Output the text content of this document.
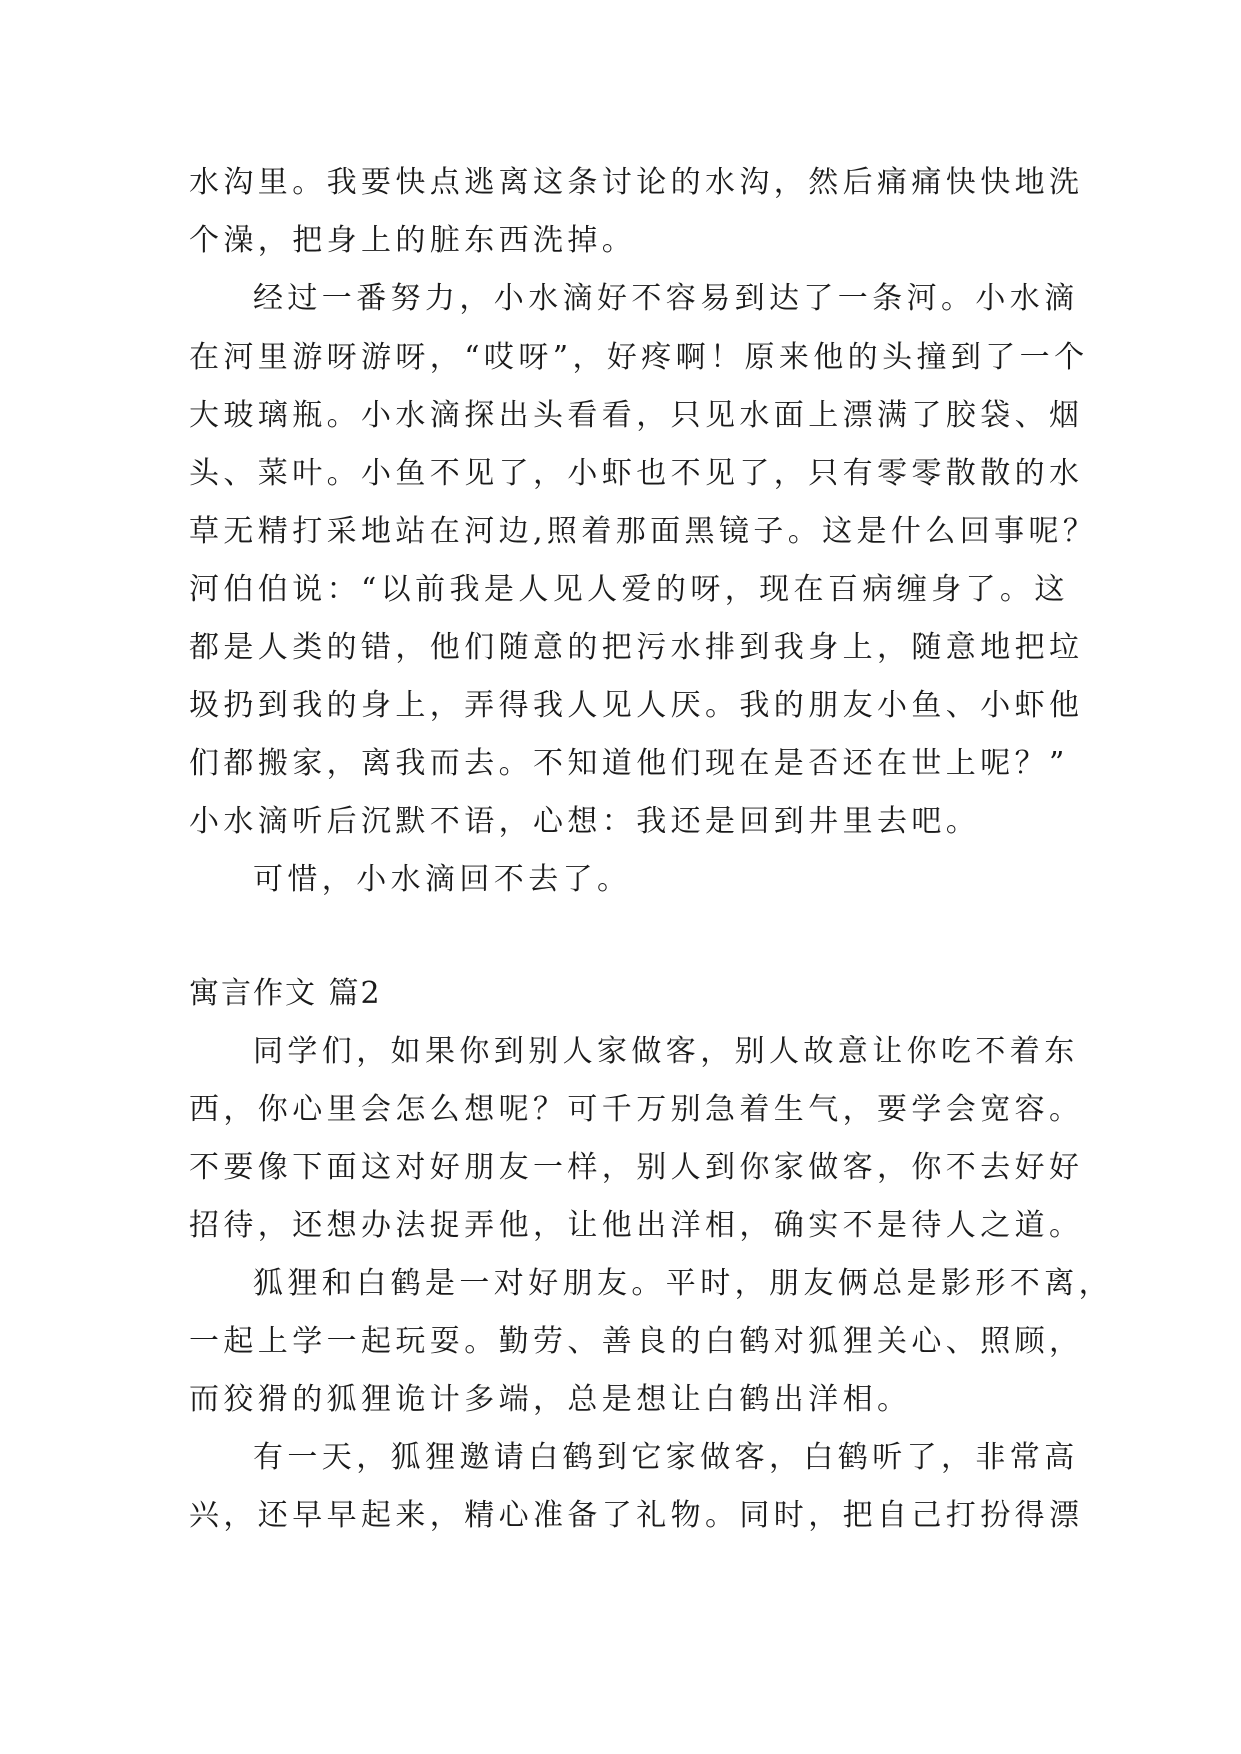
水沟里。我要快点逃离这条讨论的水沟，然后痛痛快快地洗
个澡，把身上的脏东西洗掉。
经过一番努力，小水滴好不容易到达了一条河。小水滴
在河里游呀游呀，“哎呀”，好疼啊！原来他的头撞到了一个
大玻璃瓶。小水滴探出头看看，只见水面上漂满了胶袋、烟
头、菜叶。小鱼不见了，小虾也不见了，只有零零散散的水
草无精打采地站在河边,照着那面黑镜子。这是什么回事呢？
河伯伯说：“以前我是人见人爱的呀，现在百病缠身了。这
都是人类的错，他们随意的把污水排到我身上，随意地把垃
圾扔到我的身上，弄得我人见人厌。我的朋友小鱼、小虾他
们都搬家，离我而去。不知道他们现在是否还在世上呢？”
小水滴听后沉默不语，心想：我还是回到井里去吧。
可惜，小水滴回不去了。
寓言作文 篇2
同学们，如果你到别人家做客，别人故意让你吃不着东
西，你心里会怎么想呢？可千万别急着生气，要学会宽容。
不要像下面这对好朋友一样，别人到你家做客，你不去好好
招待，还想办法捉弄他，让他出洋相，确实不是待人之道。
狐狸和白鹤是一对好朋友。平时，朋友俩总是影形不离，
一起上学一起玩耍。勤劳、善良的白鹤对狐狸关心、照顾，
而狡猾的狐狸诡计多端，总是想让白鹤出洋相。
有一天，狐狸邀请白鹤到它家做客，白鹤听了，非常高
兴，还早早起来，精心准备了礼物。同时，把自己打扮得漂
